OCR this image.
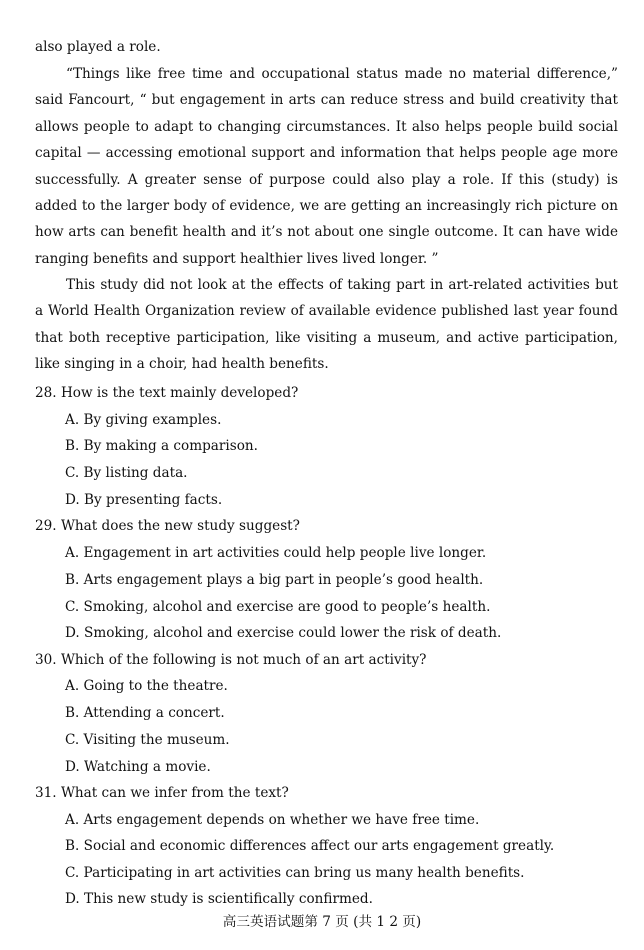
also played a role.

“Things like free time and occupational status made no material difference,” said Fancourt, “ but engagement in arts can reduce stress and build creativity that allows people to adapt to changing circumstances. It also helps people build social capital — accessing emotional support and information that helps people age more successfully. A greater sense of purpose could also play a role. If this (study) is added to the larger body of evidence, we are getting an increasingly rich picture on how arts can benefit health and it’s not about one single outcome. It can have wide ranging benefits and support healthier lives lived longer. ”

This study did not look at the effects of taking part in art-related activities but a World Health Organization review of available evidence published last year found that both receptive participation, like visiting a museum, and active participation, like singing in a choir, had health benefits.

28. How is the text mainly developed?

A. By giving examples.

B. By making a comparison.

C. By listing data.

D. By presenting facts.

29. What does the new study suggest?

A. Engagement in art activities could help people live longer.

B. Arts engagement plays a big part in people’s good health.

C. Smoking, alcohol and exercise are good to people’s health.

D. Smoking, alcohol and exercise could lower the risk of death.

30. Which of the following is not much of an art activity?

A. Going to the theatre.

B. Attending a concert.

C. Visiting the museum.

D. Watching a movie.

31. What can we infer from the text?

A. Arts engagement depends on whether we have free time.

B. Social and economic differences affect our arts engagement greatly.

C. Participating in art activities can bring us many health benefits.

D. This new study is scientifically confirmed.

高三英语试题第 7 页 (共 1 2 页)
